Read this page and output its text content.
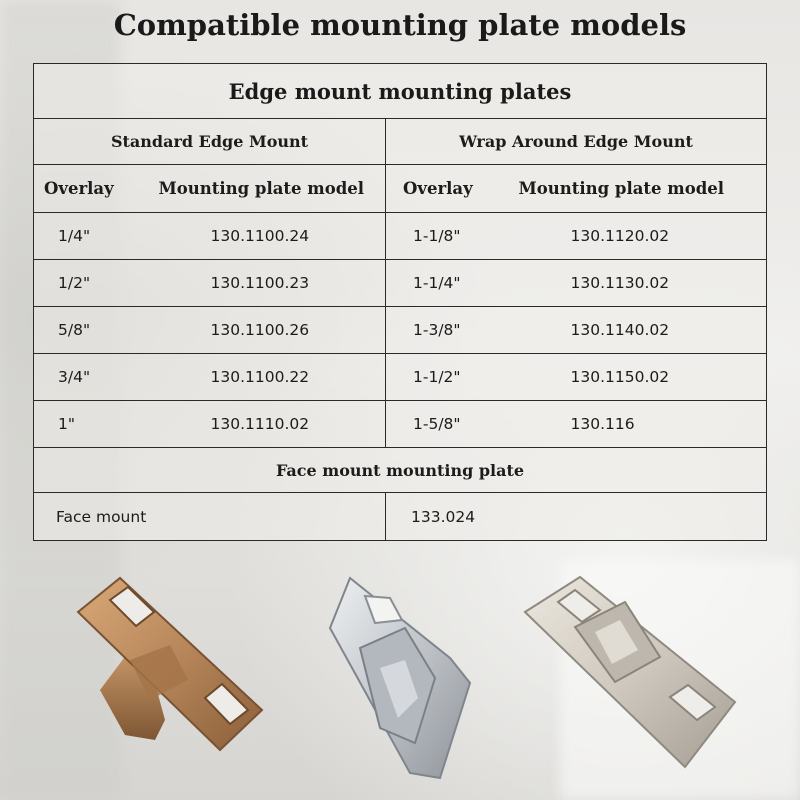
Compatible mounting plate models
Edge mount mounting plates			
Standard Edge Mount		Wrap Around Edge Mount	
Overlay	Mounting plate model	Overlay	Mounting plate model
1/4"	130.1100.24	1-1/8"	130.1120.02
1/2"	130.1100.23	1-1/4"	130.1130.02
5/8"	130.1100.26	1-3/8"	130.1140.02
3/4"	130.1100.22	1-1/2"	130.1150.02
1"	130.1110.02	1-5/8"	130.116
Face mount mounting plate			
Face mount		133.024	
